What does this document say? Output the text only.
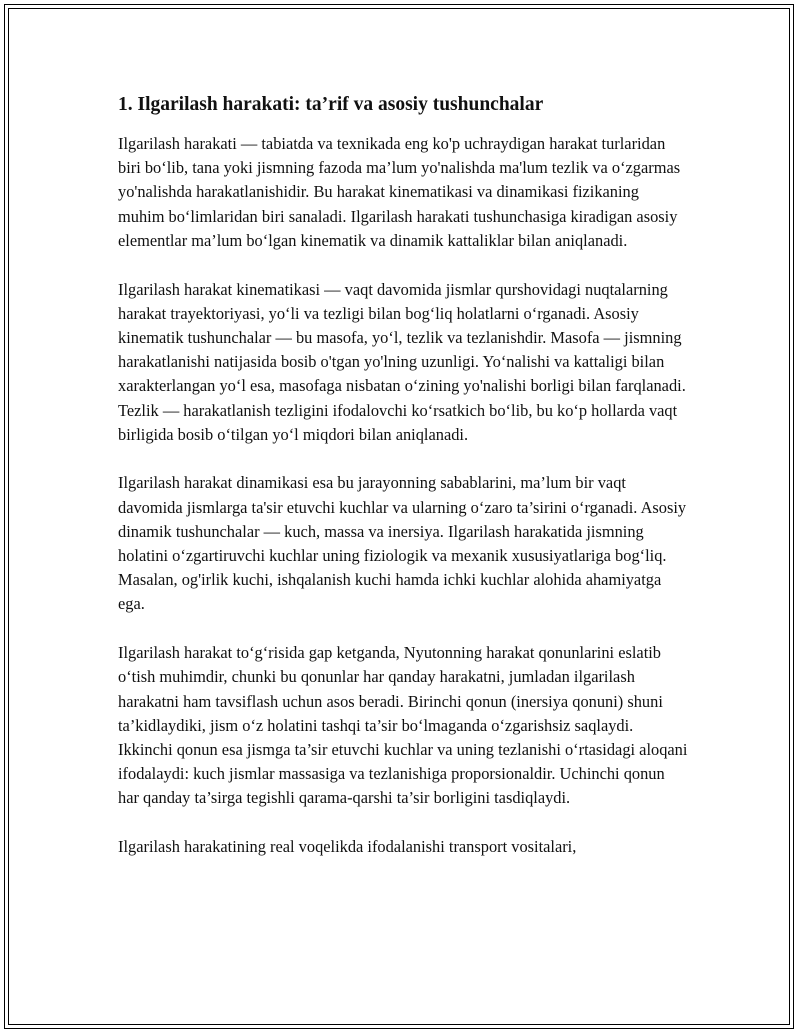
1. Ilgarilash harakati: ta’rif va asosiy tushunchalar

Ilgarilash harakati — tabiatda va texnikada eng ko'p uchraydigan harakat turlaridan biri bo‘lib, tana yoki jismning fazoda ma’lum yo'nalishda ma'lum tezlik va o‘zgarmas yo'nalishda harakatlanishidir. Bu harakat kinematikasi va dinamikasi fizikaning muhim bo‘limlaridan biri sanaladi. Ilgarilash harakati tushunchasiga kiradigan asosiy elementlar ma’lum bo‘lgan kinematik va dinamik kattaliklar bilan aniqlanadi.

Ilgarilash harakat kinematikasi — vaqt davomida jismlar qurshovidagi nuqtalarning harakat trayektoriyasi, yo‘li va tezligi bilan bog‘liq holatlarni o‘rganadi. Asosiy kinematik tushunchalar — bu masofa, yo‘l, tezlik va tezlanishdir. Masofa — jismning harakatlanishi natijasida bosib o'tgan yo'lning uzunligi. Yo‘nalishi va kattaligi bilan xarakterlangan yo‘l esa, masofaga nisbatan o‘zining yo'nalishi borligi bilan farqlanadi. Tezlik — harakatlanish tezligini ifodalovchi ko‘rsatkich bo‘lib, bu ko‘p hollarda vaqt birligida bosib o‘tilgan yo‘l miqdori bilan aniqlanadi.

Ilgarilash harakat dinamikasi esa bu jarayonning sabablarini, ma’lum bir vaqt davomida jismlarga ta'sir etuvchi kuchlar va ularning o‘zaro ta’sirini o‘rganadi. Asosiy dinamik tushunchalar — kuch, massa va inersiya. Ilgarilash harakatida jismning holatini o‘zgartiruvchi kuchlar uning fiziologik va mexanik xususiyatlariga bog‘liq. Masalan, og'irlik kuchi, ishqalanish kuchi hamda ichki kuchlar alohida ahamiyatga ega.

Ilgarilash harakat to‘g‘risida gap ketganda, Nyutonning harakat qonunlarini eslatib o‘tish muhimdir, chunki bu qonunlar har qanday harakatni, jumladan ilgarilash harakatni ham tavsiflash uchun asos beradi. Birinchi qonun (inersiya qonuni) shuni ta’kidlaydiki, jism o‘z holatini tashqi ta’sir bo‘lmaganda o‘zgarishsiz saqlaydi. Ikkinchi qonun esa jismga ta’sir etuvchi kuchlar va uning tezlanishi o‘rtasidagi aloqani ifodalaydi: kuch jismlar massasiga va tezlanishiga proporsionaldir. Uchinchi qonun har qanday ta’sirga tegishli qarama-qarshi ta’sir borligini tasdiqlaydi.

Ilgarilash harakatining real voqelikda ifodalanishi transport vositalari,
